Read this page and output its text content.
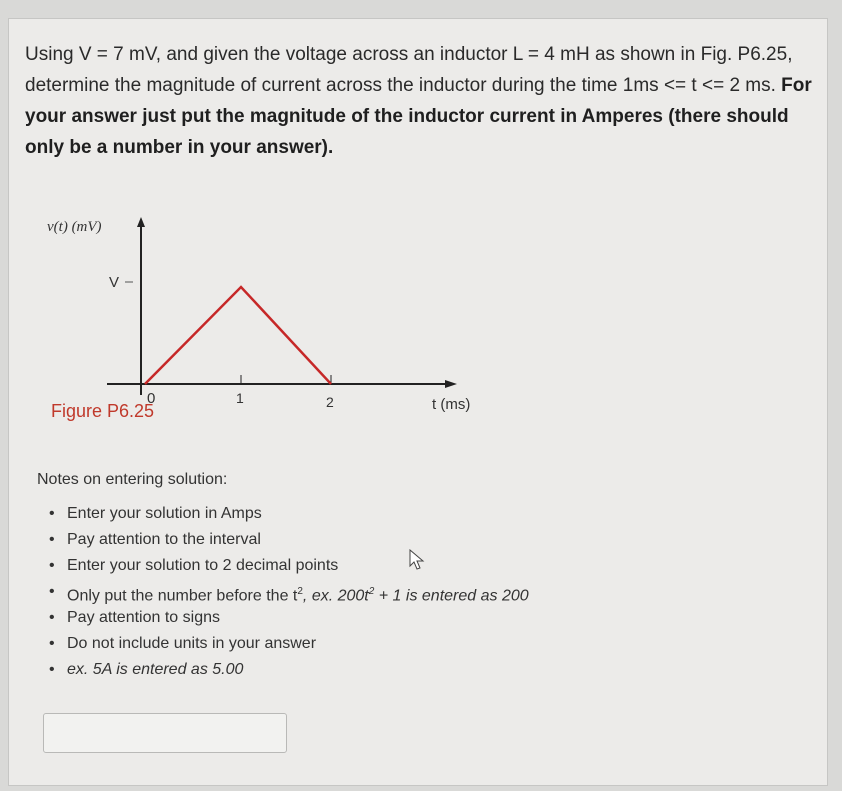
Using V = 7 mV, and given the voltage across an inductor L = 4 mH as shown in Fig. P6.25, determine the magnitude of current across the inductor during the time 1ms <= t <= 2 ms. For your answer just put the magnitude of the inductor current in Amperes (there should only be a number in your answer).
v(t) (mV)
V
0	1	2	t (ms)
Figure P6.25
Notes on entering solution:
• Enter your solution in Amps
• Pay attention to the interval
• Enter your solution to 2 decimal points
• Only put the number before the $t^2$, ex. $200t^2 + 1$ is entered as 200
• Pay attention to signs
• Do not include units in your answer
• ex. 5A is entered as 5.00
